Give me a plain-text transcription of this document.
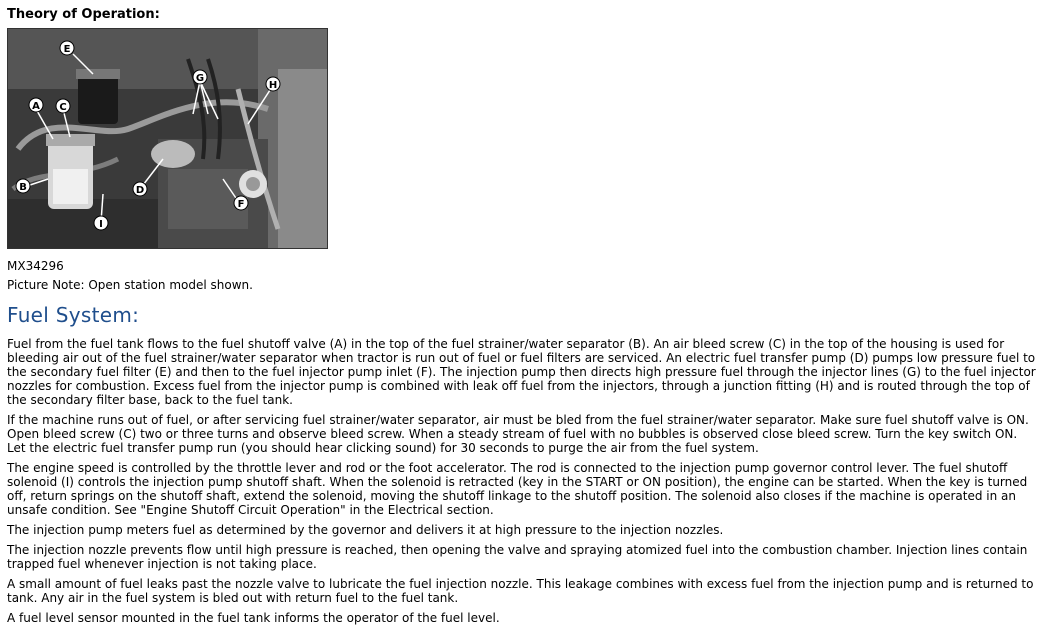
Theory of Operation:
E
G
H
A C
B	D
F
I
MX34296
Picture Note: Open station model shown.
Fuel System:

Fuel from the fuel tank flows to the fuel shutoff valve (A) in the top of the fuel strainer/water separator (B). An air bleed screw (C) in the top of the housing is used for bleeding air out of the fuel strainer/water separator when tractor is run out of fuel or fuel filters are serviced. An electric fuel transfer pump (D) pumps low pressure fuel to the secondary fuel filter (E) and then to the fuel injector pump inlet (F). The injection pump then directs high pressure fuel through the injector lines (G) to the fuel injector nozzles for combustion. Excess fuel from the injector pump is combined with leak off fuel from the injectors, through a junction fitting (H) and is routed through the top of the secondary filter base, back to the fuel tank.

If the machine runs out of fuel, or after servicing fuel strainer/water separator, air must be bled from the fuel strainer/water separator. Make sure fuel shutoff valve is ON. Open bleed screw (C) two or three turns and observe bleed screw. When a steady stream of fuel with no bubbles is observed close bleed screw. Turn the key switch ON. Let the electric fuel transfer pump run (you should hear clicking sound) for 30 seconds to purge the air from the fuel system.

The engine speed is controlled by the throttle lever and rod or the foot accelerator. The rod is connected to the injection pump governor control lever. The fuel shutoff solenoid (I) controls the injection pump shutoff shaft. When the solenoid is retracted (key in the START or ON position), the engine can be started. When the key is turned off, return springs on the shutoff shaft, extend the solenoid, moving the shutoff linkage to the shutoff position. The solenoid also closes if the machine is operated in an unsafe condition. See "Engine Shutoff Circuit Operation" in the Electrical section.

The injection pump meters fuel as determined by the governor and delivers it at high pressure to the injection nozzles.

The injection nozzle prevents flow until high pressure is reached, then opening the valve and spraying atomized fuel into the combustion chamber. Injection lines contain trapped fuel whenever injection is not taking place.

A small amount of fuel leaks past the nozzle valve to lubricate the fuel injection nozzle. This leakage combines with excess fuel from the injection pump and is returned to tank. Any air in the fuel system is bled out with return fuel to the fuel tank.

A fuel level sensor mounted in the fuel tank informs the operator of the fuel level.
